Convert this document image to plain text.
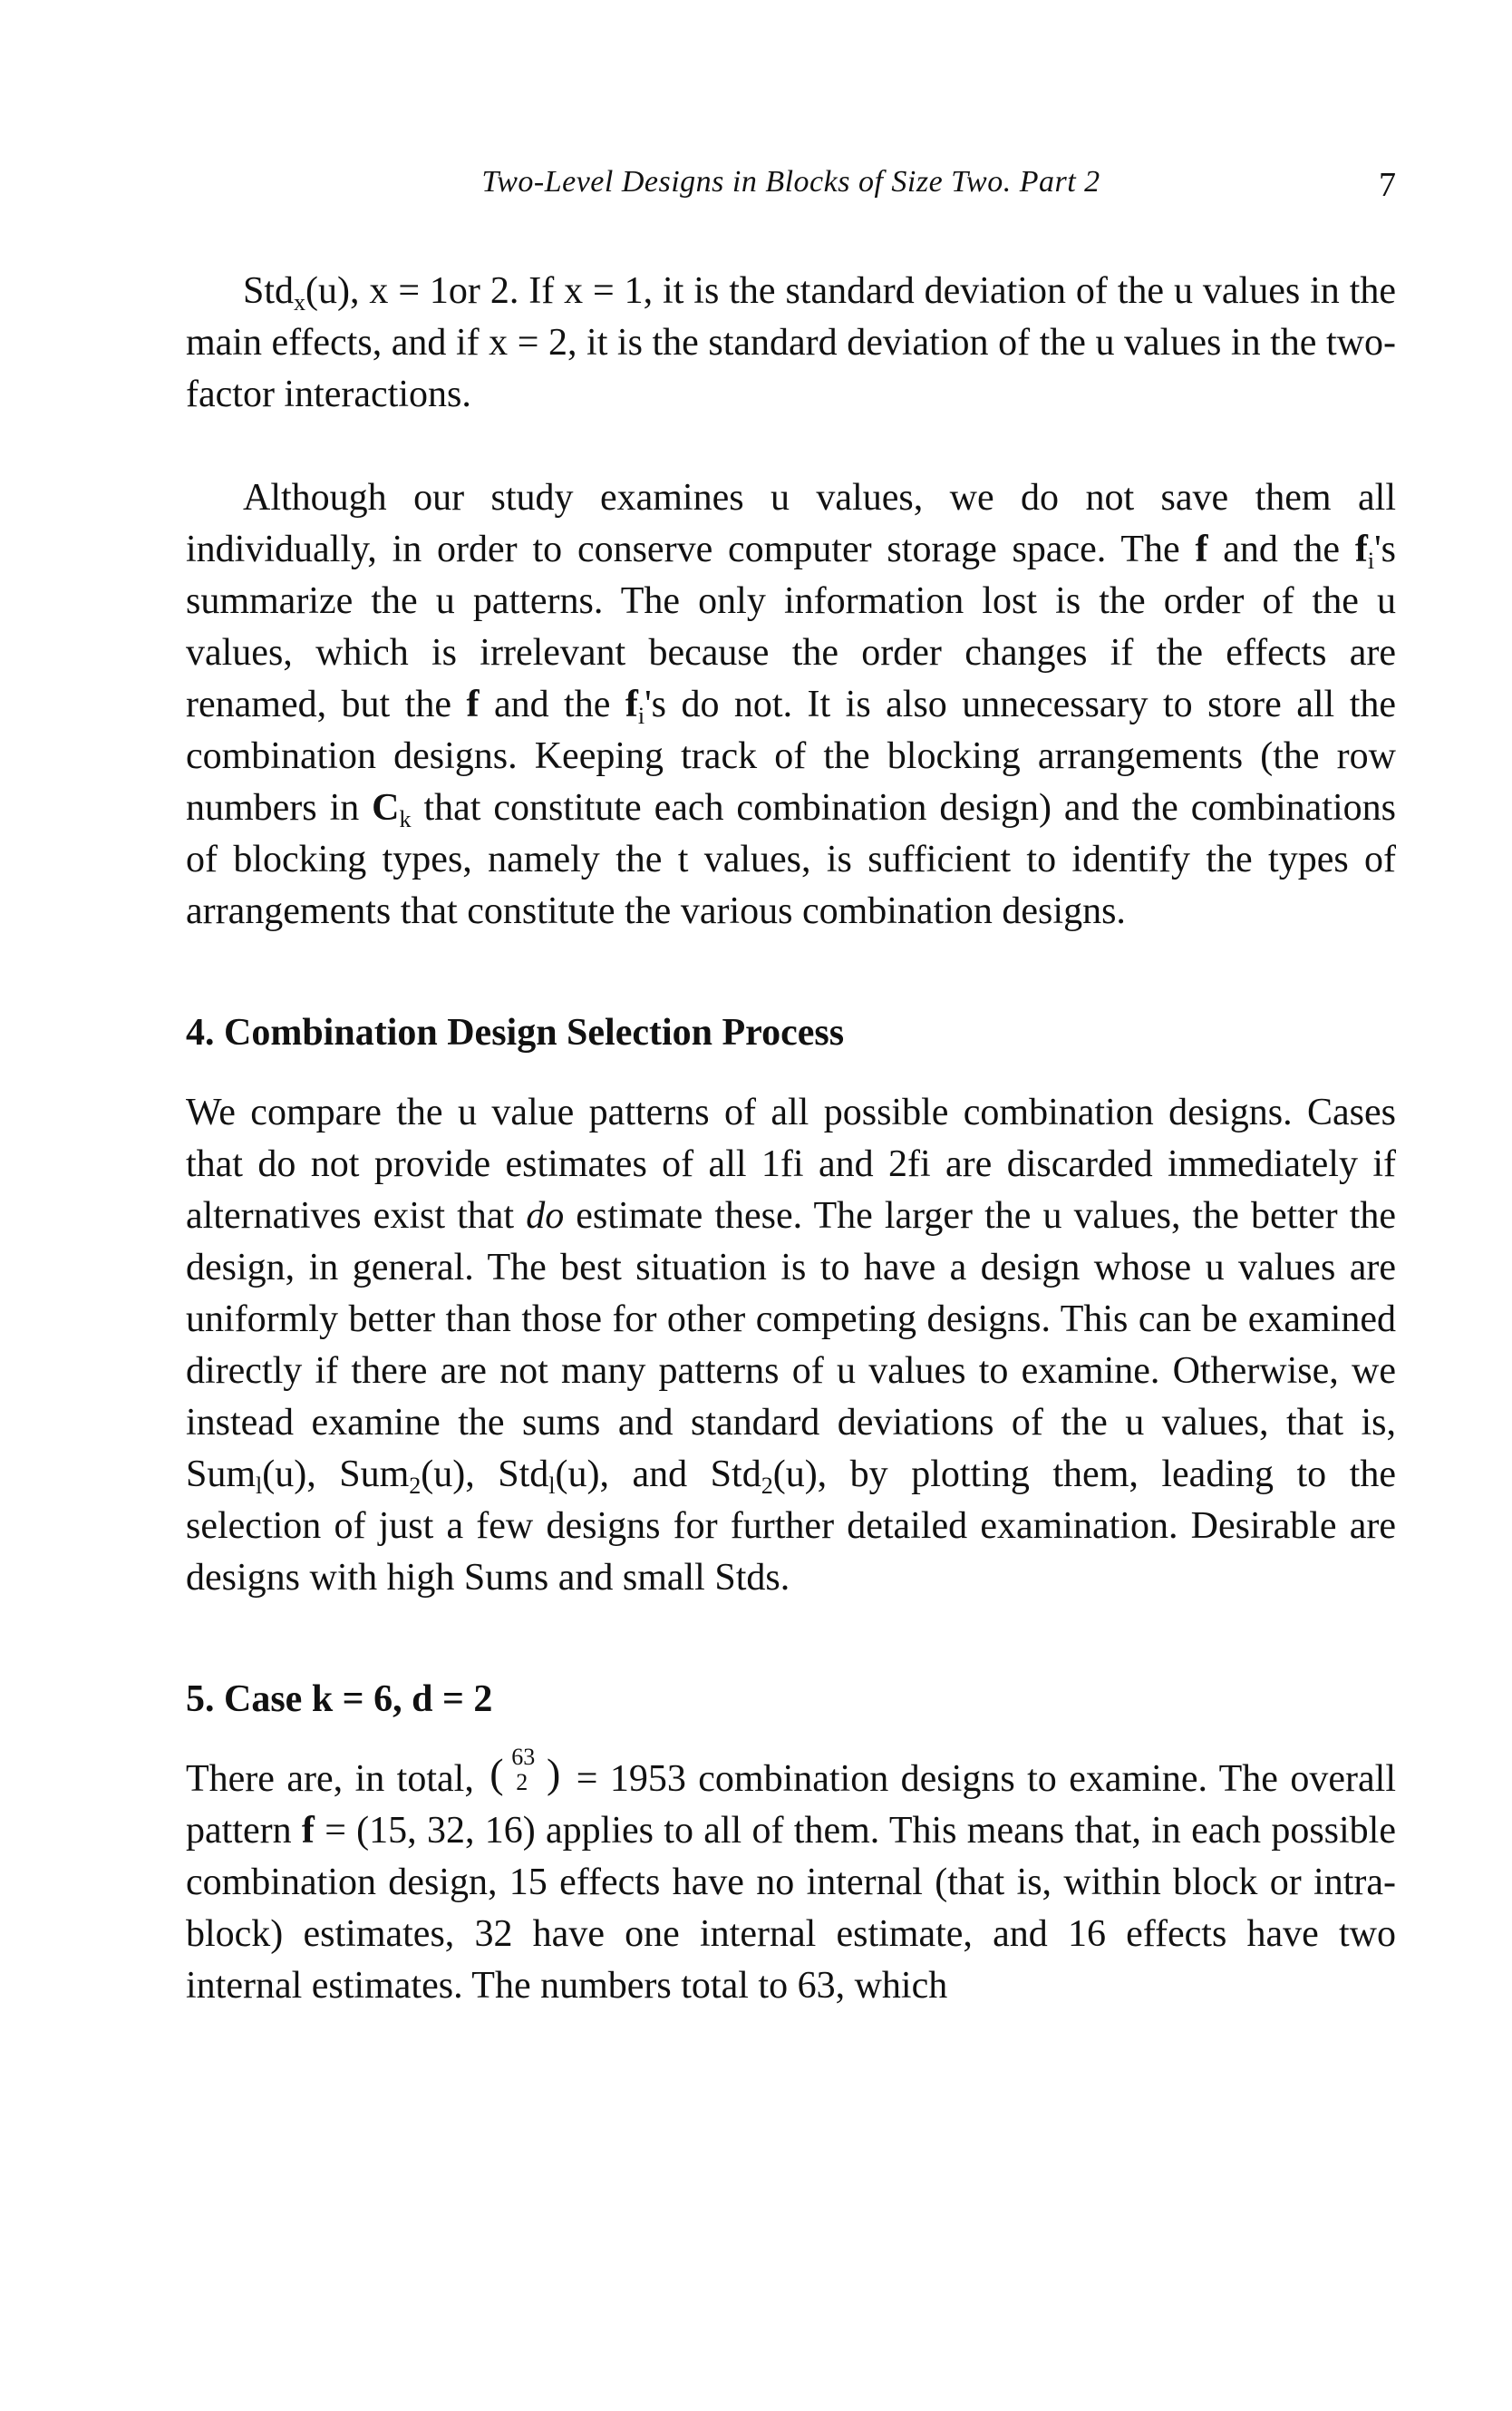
Two-Level Designs in Blocks of Size Two. Part 2	7

Std$_x$(u), x = 1or 2. If x = 1, it is the standard deviation of the u values in the main effects, and if x = 2, it is the standard deviation of the u values in the two-factor interactions.

Although our study examines u values, we do not save them all individually, in order to conserve computer storage space. The f and the $f_i's$ summarize the u patterns. The only information lost is the order of the u values, which is irrelevant because the order changes if the effects are renamed, but the f and the $f_i's$ do not. It is also unnecessary to store all the combination designs. Keeping track of the blocking arrangements (the row numbers in $C_k$ that constitute each combination design) and the combinations of blocking types, namely the t values, is sufficient to identify the types of arrangements that constitute the various combination designs.

4. Combination Design Selection Process

We compare the u value patterns of all possible combination designs. Cases that do not provide estimates of all 1fi and 2fi are discarded immediately if alternatives exist that do estimate these. The larger the u values, the better the design, in general. The best situation is to have a design whose u values are uniformly better than those for other competing designs. This can be examined directly if there are not many patterns of u values to examine. Otherwise, we instead examine the sums and standard deviations of the u values, that is, Sum$_l$(u), Sum$_2$(u), Std$_l$(u), and Std$_2$(u), by plotting them, leading to the selection of just a few designs for further detailed examination. Desirable are designs with high Sums and small Stds.

5. Case k = 6, d = 2

There are, in total, ( 63
2 ) = 1953 combination designs to examine. The overall pattern f = (15, 32, 16) applies to all of them. This means that, in each possible combination design, 15 effects have no internal (that is, within block or intra-block) estimates, 32 have one internal estimate, and 16 effects have two internal estimates. The numbers total to 63, which
